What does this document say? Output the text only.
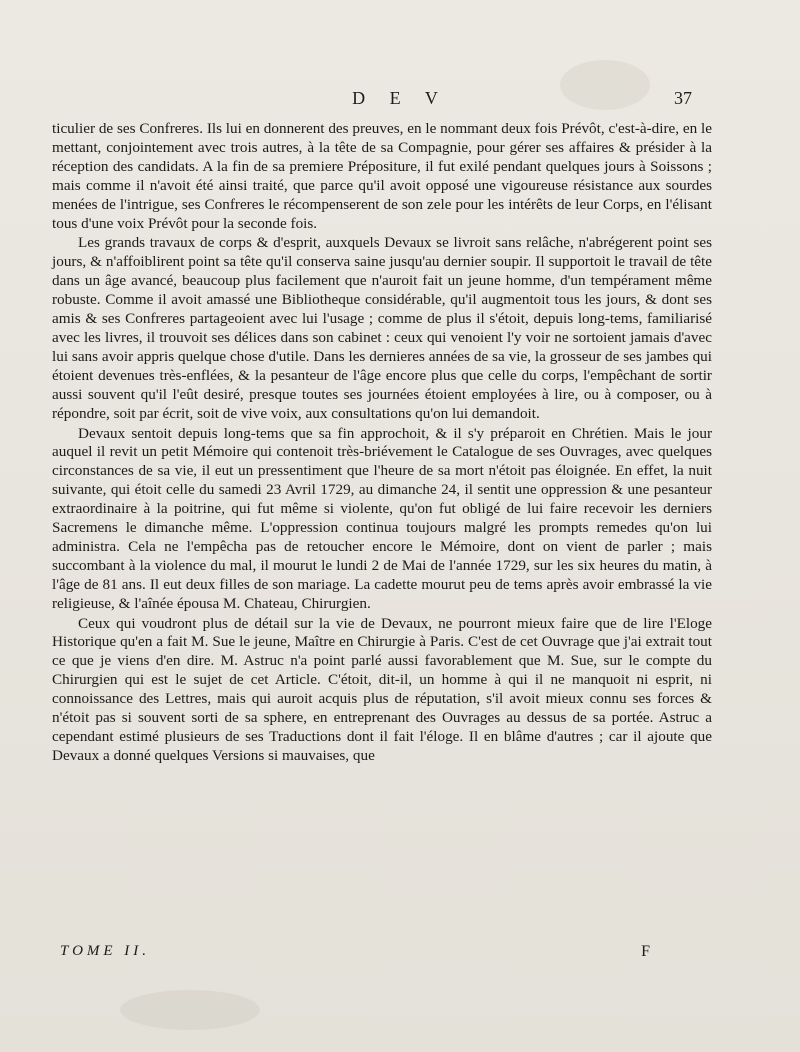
D E V	37

ticulier de ses Confreres. Ils lui en donnerent des preuves, en le nommant deux fois Prévôt, c'est-à-dire, en le mettant, conjointement avec trois autres, à la tête de sa Compagnie, pour gérer ses affaires & présider à la réception des candidats. A la fin de sa premiere Prépositure, il fut exilé pendant quelques jours à Soissons ; mais comme il n'avoit été ainsi traité, que parce qu'il avoit opposé une vigoureuse résistance aux sourdes menées de l'intrigue, ses Confreres le récompenserent de son zele pour les intérêts de leur Corps, en l'élisant tous d'une voix Prévôt pour la seconde fois.

Les grands travaux de corps & d'esprit, auxquels Devaux se livroit sans relâche, n'abrégerent point ses jours, & n'affoiblirent point sa tête qu'il conserva saine jusqu'au dernier soupir. Il supportoit le travail de tête dans un âge avancé, beaucoup plus facilement que n'auroit fait un jeune homme, d'un tempérament même robuste. Comme il avoit amassé une Bibliotheque considérable, qu'il augmentoit tous les jours, & dont ses amis & ses Confreres partageoient avec lui l'usage ; comme de plus il s'étoit, depuis long-tems, familiarisé avec les livres, il trouvoit ses délices dans son cabinet : ceux qui venoient l'y voir ne sortoient jamais d'avec lui sans avoir appris quelque chose d'utile. Dans les dernieres années de sa vie, la grosseur de ses jambes qui étoient devenues très-enflées, & la pesanteur de l'âge encore plus que celle du corps, l'empêchant de sortir aussi souvent qu'il l'eût desiré, presque toutes ses journées étoient employées à lire, ou à composer, ou à répondre, soit par écrit, soit de vive voix, aux consultations qu'on lui demandoit.

Devaux sentoit depuis long-tems que sa fin approchoit, & il s'y préparoit en Chrétien. Mais le jour auquel il revit un petit Mémoire qui contenoit très-briévement le Catalogue de ses Ouvrages, avec quelques circonstances de sa vie, il eut un pressentiment que l'heure de sa mort n'étoit pas éloignée. En effet, la nuit suivante, qui étoit celle du samedi 23 Avril 1729, au dimanche 24, il sentit une oppression & une pesanteur extraordinaire à la poitrine, qui fut même si violente, qu'on fut obligé de lui faire recevoir les derniers Sacremens le dimanche même. L'oppression continua toujours malgré les prompts remedes qu'on lui administra. Cela ne l'empêcha pas de retoucher encore le Mémoire, dont on vient de parler ; mais succombant à la violence du mal, il mourut le lundi 2 de Mai de l'année 1729, sur les six heures du matin, à l'âge de 81 ans. Il eut deux filles de son mariage. La cadette mourut peu de tems après avoir embrassé la vie religieuse, & l'aînée épousa M. Chateau, Chirurgien.

Ceux qui voudront plus de détail sur la vie de Devaux, ne pourront mieux faire que de lire l'Eloge Historique qu'en a fait M. Sue le jeune, Maître en Chirurgie à Paris. C'est de cet Ouvrage que j'ai extrait tout ce que je viens d'en dire. M. Astruc n'a point parlé aussi favorablement que M. Sue, sur le compte du Chirurgien qui est le sujet de cet Article. C'étoit, dit-il, un homme à qui il ne manquoit ni esprit, ni connoissance des Lettres, mais qui auroit acquis plus de réputation, s'il avoit mieux connu ses forces & n'étoit pas si souvent sorti de sa sphere, en entreprenant des Ouvrages au dessus de sa portée. Astruc a cependant estimé plusieurs de ses Traductions dont il fait l'éloge. Il en blâme d'autres ; car il ajoute que Devaux a donné quelques Versions si mauvaises, que

TOME II.	F
